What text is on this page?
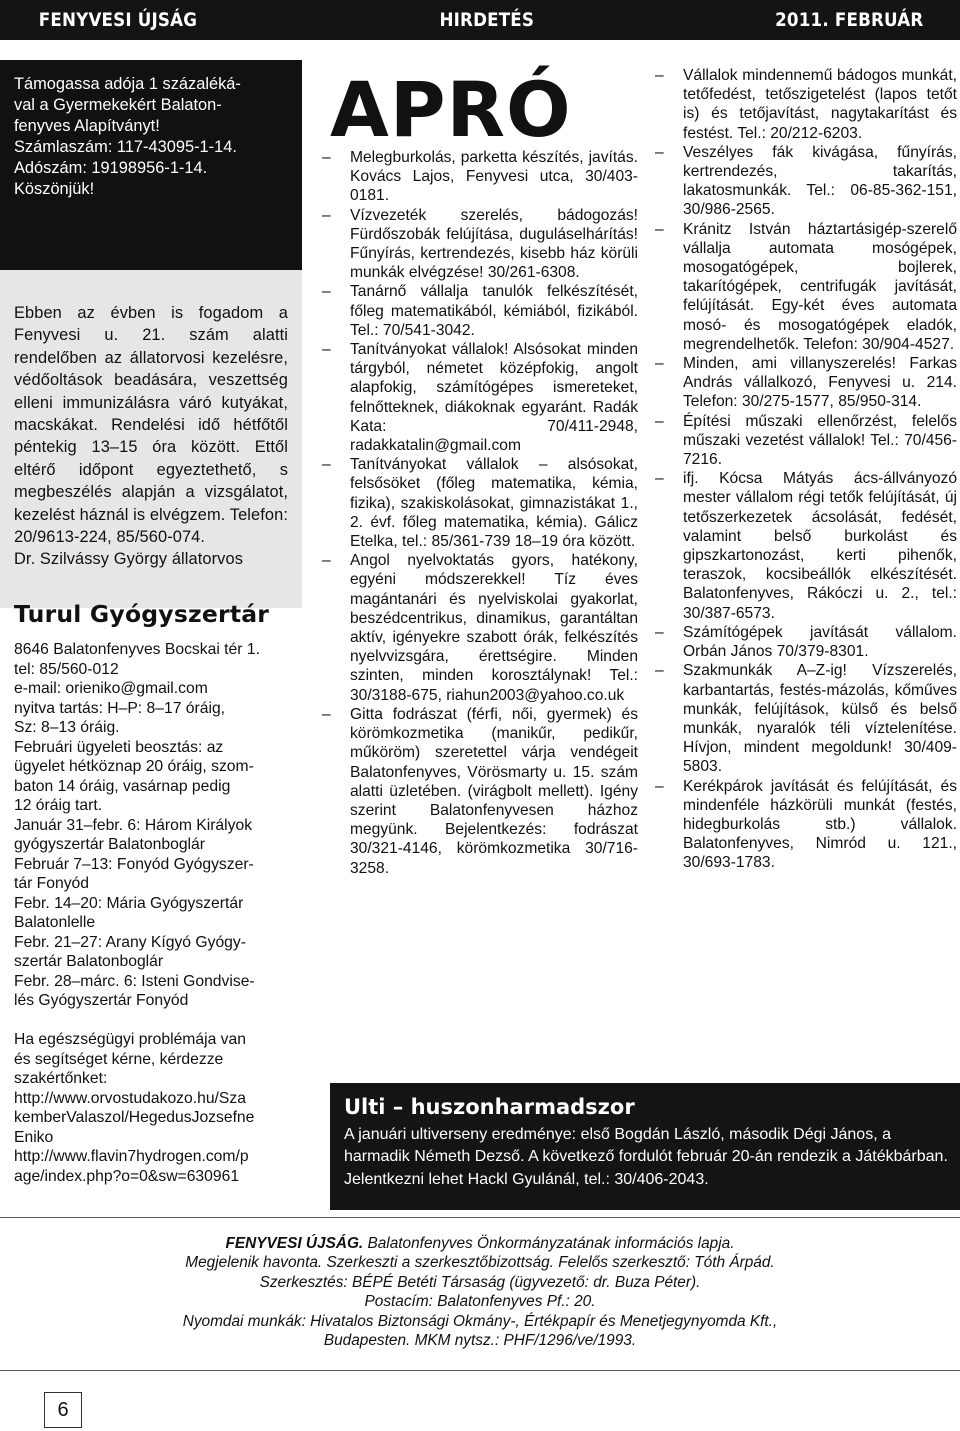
FENYVESI ÚJSÁG	HIRDETÉS	2011. FEBRUÁR
Ebben az évben is fogadom a Fenyvesi u. 21. szám alatti rendelőben az állatorvosi kezelésre, védőoltások beadására, veszettség elleni immunizálásra váró kutyákat, macskákat. Rendelési idő hétfőtől péntekig 13–15 óra között. Ettől eltérő időpont egyeztethető, s megbeszélés alapján a vizsgálatot, kezelést háznál is elvégzem. Telefon: 20/9613-224, 85/560-074.
Dr. Szilvássy György állatorvos
Támogassa adója 1 százaléká-
val a Gyermekekért Balaton-
fenyves Alapítványt!
Számlaszám: 117-43095-1-14.
Adószám: 19198956-1-14.
Köszönjük!
Turul Gyógyszertár
8646 Balatonfenyves Bocskai tér 1.
tel: 85/560-012
e-mail: orieniko@gmail.com
nyitva tartás: H–P: 8–17 óráig,
Sz: 8–13 óráig.
Februári ügyeleti beosztás: az
ügyelet hétköznap 20 óráig, szom-
baton 14 óráig, vasárnap pedig
12 óráig tart.
Január 31–febr. 6: Három Királyok
gyógyszertár Balatonboglár
Február 7–13: Fonyód Gyógyszer-
tár Fonyód
Febr. 14–20: Mária Gyógyszertár
Balatonlelle
Febr. 21–27: Arany Kígyó Gyógy-
szertár Balatonboglár
Febr. 28–márc. 6: Isteni Gondvise-
lés Gyógyszertár Fonyód
Ha egészségügyi problémája van
és segítséget kérne, kérdezze
szakértőnket:
http://www.orvostudakozo.hu/Sza
kemberValaszol/HegedusJozsefne
Eniko
http://www.flavin7hydrogen.com/p
age/index.php?o=0&sw=630961
APRÓ
–	Melegburkolás, parketta készítés, javítás. Kovács Lajos, Fenyvesi utca, 30/403-0181.
–	Vízvezeték szerelés, bádogozás! Fürdőszobák felújítása, duguláselhárítás! Fűnyírás, kertrendezés, kisebb ház körüli munkák elvégzése! 30/261-6308.
–	Tanárnő vállalja tanulók felkészítését, főleg matematikából, kémiából, fizikából. Tel.: 70/541-3042.
–	Tanítványokat vállalok! Alsósokat minden tárgyból, németet középfokig, angolt alapfokig, számítógépes ismereteket, felnőtteknek, diákoknak egyaránt. Radák Kata: 70/411-2948, radakkatalin@gmail.com
–	Tanítványokat vállalok – alsósokat, felsősöket (főleg matematika, kémia, fizika), szakiskolásokat, gimnazistákat 1., 2. évf. főleg matematika, kémia). Gálicz Etelka, tel.: 85/361-739 18–19 óra között.
–	Angol nyelvoktatás gyors, hatékony, egyéni módszerekkel! Tíz éves magántanári és nyelviskolai gyakorlat, beszédcentrikus, dinamikus, garantáltan aktív, igényekre szabott órák, felkészítés nyelvvizsgára, érettségire. Minden szinten, minden korosztálynak! Tel.: 30/3188-675, riahun2003@yahoo.co.uk
–	Gitta fodrászat (férfi, női, gyermek) és körömkozmetika (manikűr, pedikűr, műköröm) szeretettel várja vendégeit Balatonfenyves, Vörösmarty u. 15. szám alatti üzletében. (virágbolt mellett). Igény szerint Balatonfenyvesen házhoz megyünk. Bejelentkezés: fodrászat 30/321-4146, körömkozmetika 30/716-3258.
–	Vállalok mindennemű bádogos munkát, tetőfedést, tetőszigetelést (lapos tetőt is) és tetőjavítást, nagytakarítást és festést. Tel.: 20/212-6203.
–	Veszélyes fák kivágása, fűnyírás, kertrendezés, takarítás, lakatosmunkák. Tel.: 06-85-362-151, 30/986-2565.
–	Kránitz István háztartásigép-szerelő vállalja automata mosógépek, mosogatógépek, bojlerek, takarítógépek, centrifugák javítását, felújítását. Egy-két éves automata mosó- és mosogatógépek eladók, megrendelhetők. Telefon: 30/904-4527.
–	Minden, ami villanyszerelés! Farkas András vállalkozó, Fenyvesi u. 214. Telefon: 30/275-1577, 85/950-314.
–	Építési műszaki ellenőrzést, felelős műszaki vezetést vállalok! Tel.: 70/456-7216.
–	ifj. Kócsa Mátyás ács-állványozó mester vállalom régi tetők felújítását, új tetőszerkezetek ácsolását, fedését, valamint belső burkolást és gipszkartonozást, kerti pihenők, teraszok, kocsibeállók elkészítését. Balatonfenyves, Rákóczi u. 2., tel.: 30/387-6573.
–	Számítógépek javítását vállalom. Orbán János 70/379-8301.
–	Szakmunkák A–Z-ig! Vízszerelés, karbantartás, festés-mázolás, kőműves munkák, felújítások, külső és belső munkák, nyaralók téli víztelenítése. Hívjon, mindent megoldunk! 30/409-5803.
–	Kerékpárok javítását és felújítását, és mindenféle házkörüli munkát (festés, hidegburkolás stb.) vállalok. Balatonfenyves, Nimród u. 121., 30/693-1783.
Ulti – huszonharmadszor
A januári ultiverseny eredménye: első Bogdán László, második Dégi János, a harmadik Németh Dezső. A következő fordulót február 20-án rendezik a Játékbárban. Jelentkezni lehet Hackl Gyulánál, tel.: 30/406-2043.
FENYVESI ÚJSÁG. Balatonfenyves Önkormányzatának információs lapja.
Megjelenik havonta. Szerkeszti a szerkesztőbizottság. Felelős szerkesztő: Tóth Árpád.
Szerkesztés: BÉPÉ Betéti Társaság (ügyvezető: dr. Buza Péter).
Postacím: Balatonfenyves Pf.: 20.
Nyomdai munkák: Hivatalos Biztonsági Okmány-, Értékpapír és Menetjegynyomda Kft.,
Budapesten. MKM nytsz.: PHF/1296/ve/1993.
6
